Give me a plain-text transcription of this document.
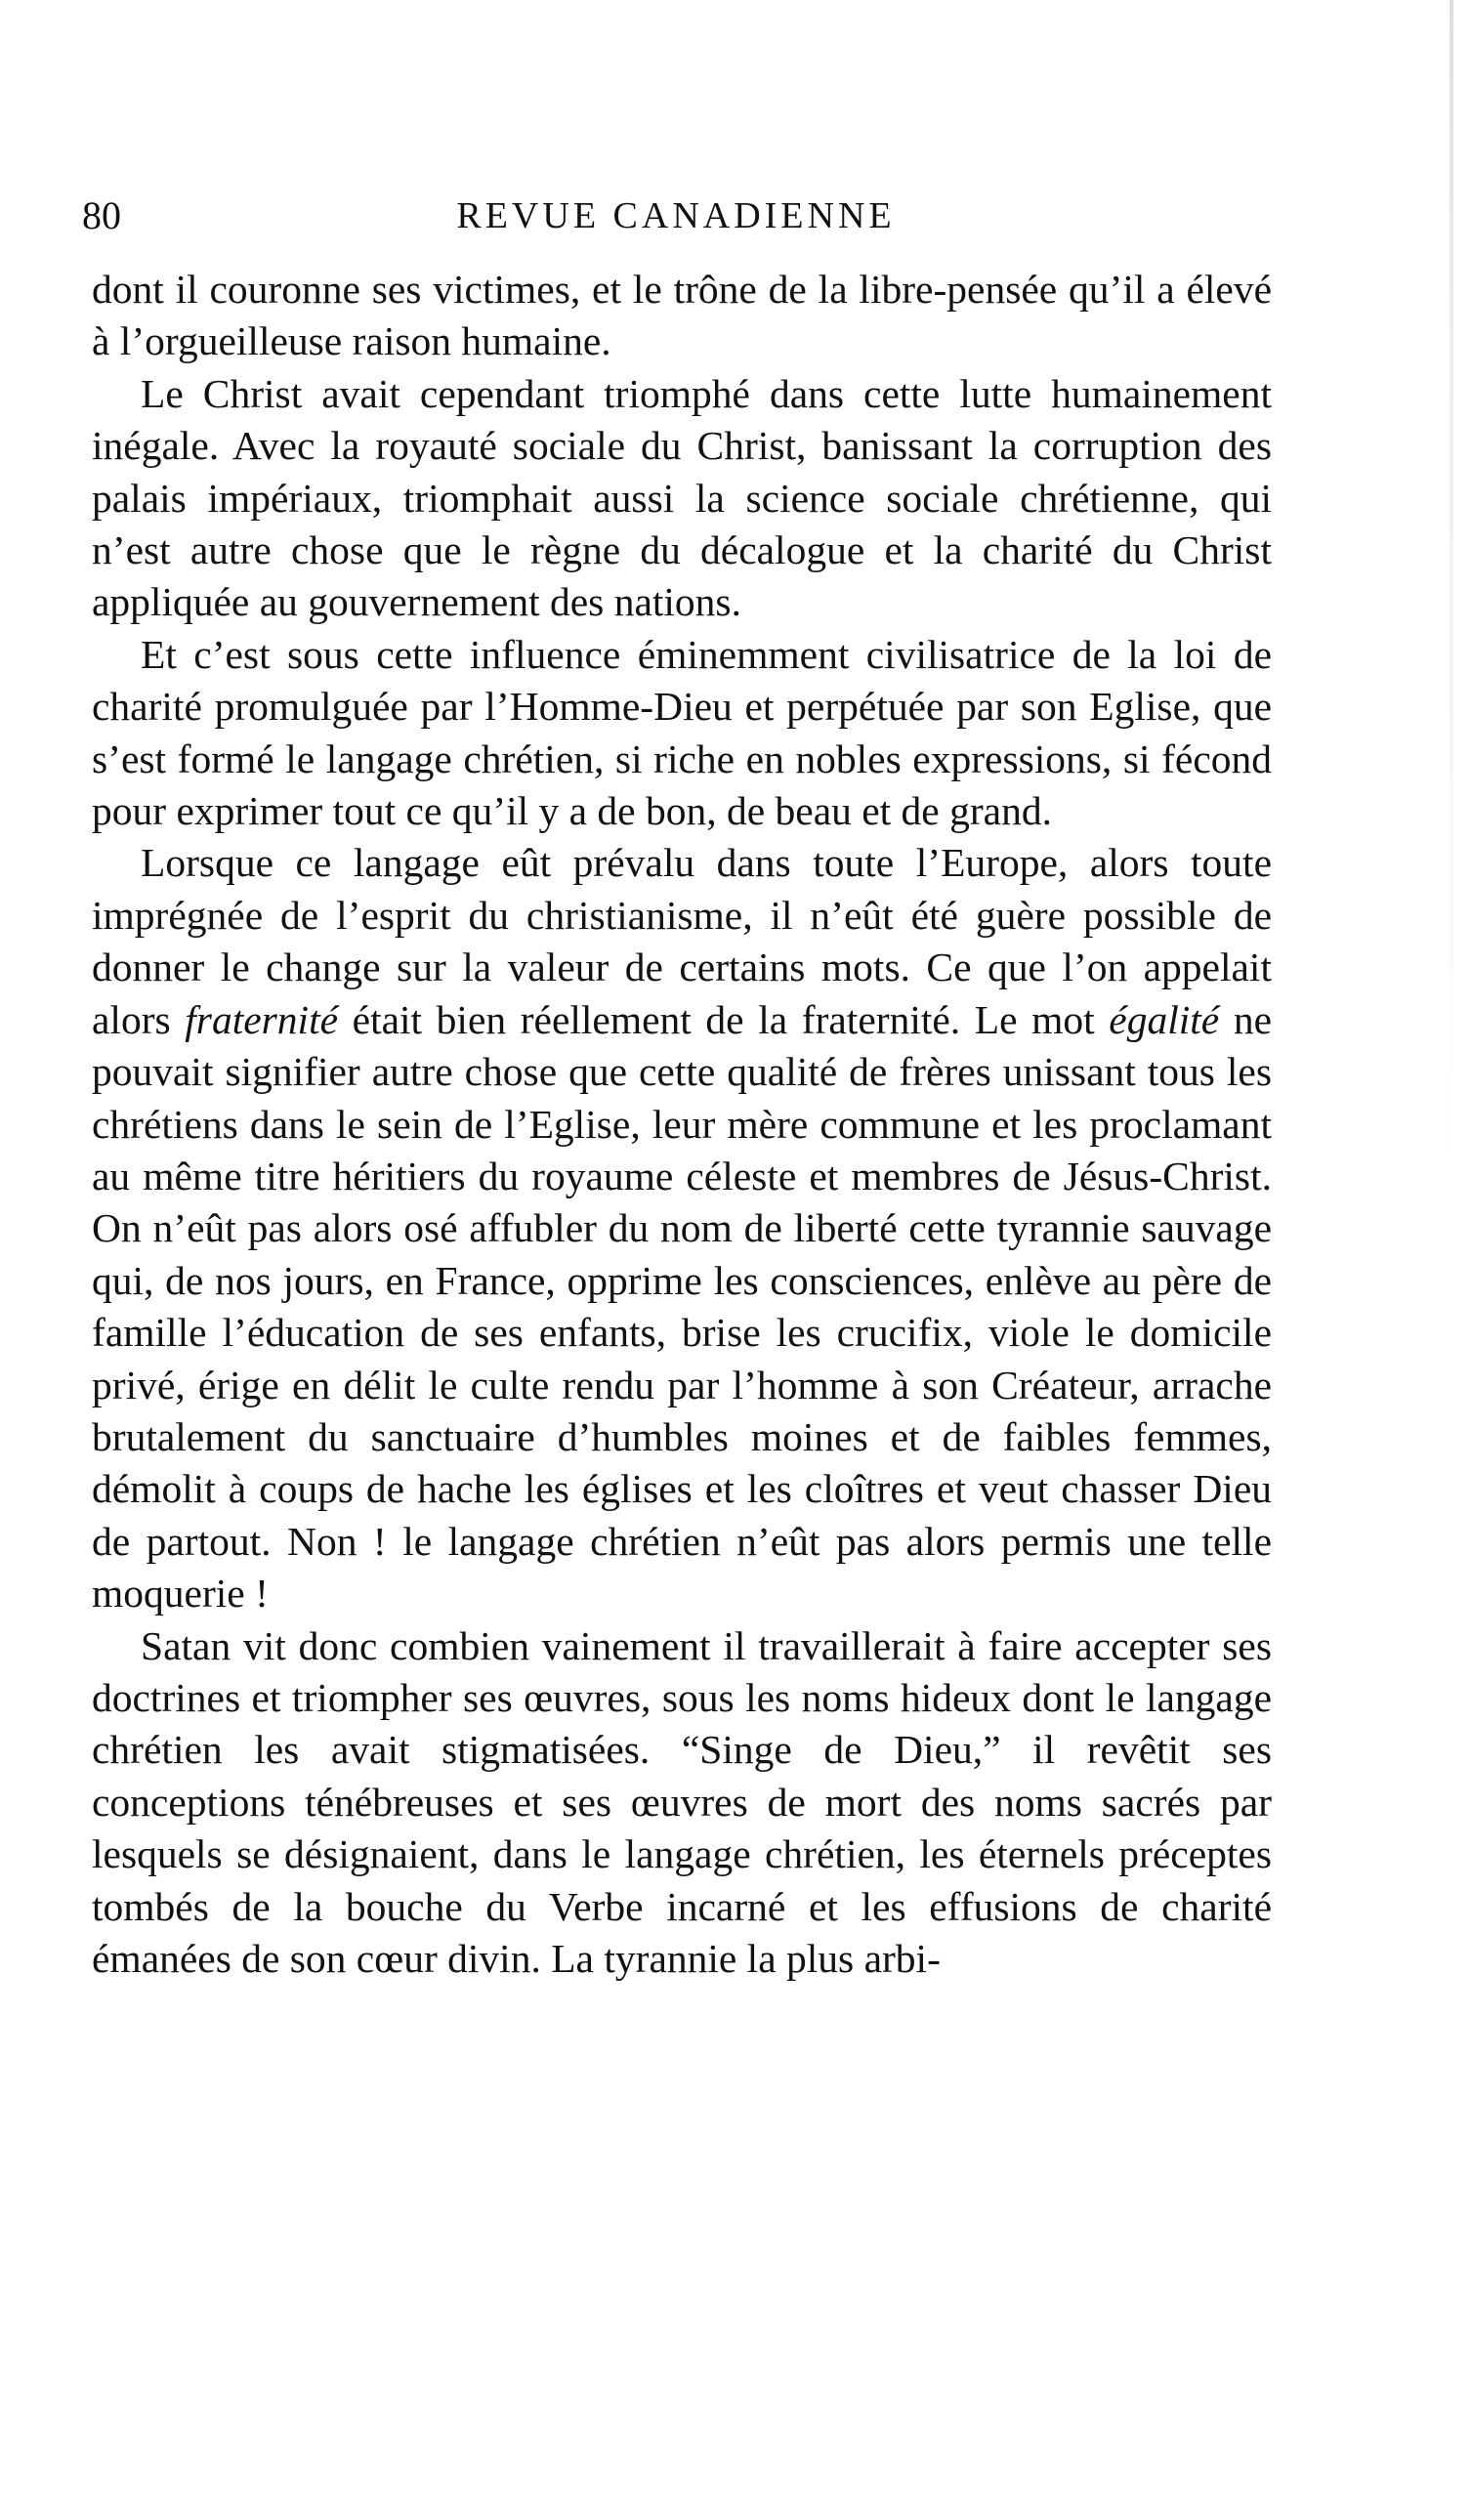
80	REVUE CANADIENNE

dont il couronne ses victimes, et le trône de la libre-pensée qu’il a élevé à l’orgueilleuse raison humaine.

Le Christ avait cependant triomphé dans cette lutte humainement inégale. Avec la royauté sociale du Christ, banissant la corruption des palais impériaux, triomphait aussi la science sociale chrétienne, qui n’est autre chose que le règne du décalogue et la charité du Christ appliquée au gouvernement des nations.

Et c’est sous cette influence éminemment civilisatrice de la loi de charité promulguée par l’Homme-Dieu et perpétuée par son Eglise, que s’est formé le langage chrétien, si riche en nobles expressions, si fécond pour exprimer tout ce qu’il y a de bon, de beau et de grand.

Lorsque ce langage eût prévalu dans toute l’Europe, alors toute imprégnée de l’esprit du christianisme, il n’eût été guère possible de donner le change sur la valeur de certains mots. Ce que l’on appelait alors fraternité était bien réellement de la fraternité. Le mot égalité ne pouvait signifier autre chose que cette qualité de frères unissant tous les chrétiens dans le sein de l’Eglise, leur mère commune et les proclamant au même titre héritiers du royaume céleste et membres de Jésus-Christ. On n’eût pas alors osé affubler du nom de liberté cette tyrannie sauvage qui, de nos jours, en France, opprime les consciences, enlève au père de famille l’éducation de ses enfants, brise les crucifix, viole le domicile privé, érige en délit le culte rendu par l’homme à son Créateur, arrache brutalement du sanctuaire d’humbles moines et de faibles femmes, démolit à coups de hache les églises et les cloîtres et veut chasser Dieu de partout. Non ! le langage chrétien n’eût pas alors permis une telle moquerie !

Satan vit donc combien vainement il travaillerait à faire accepter ses doctrines et triompher ses œuvres, sous les noms hideux dont le langage chrétien les avait stigmatisées. “Singe de Dieu,” il revêtit ses conceptions ténébreuses et ses œuvres de mort des noms sacrés par lesquels se désignaient, dans le langage chrétien, les éternels préceptes tombés de la bouche du Verbe incarné et les effusions de charité émanées de son cœur divin. La tyrannie la plus arbi-
